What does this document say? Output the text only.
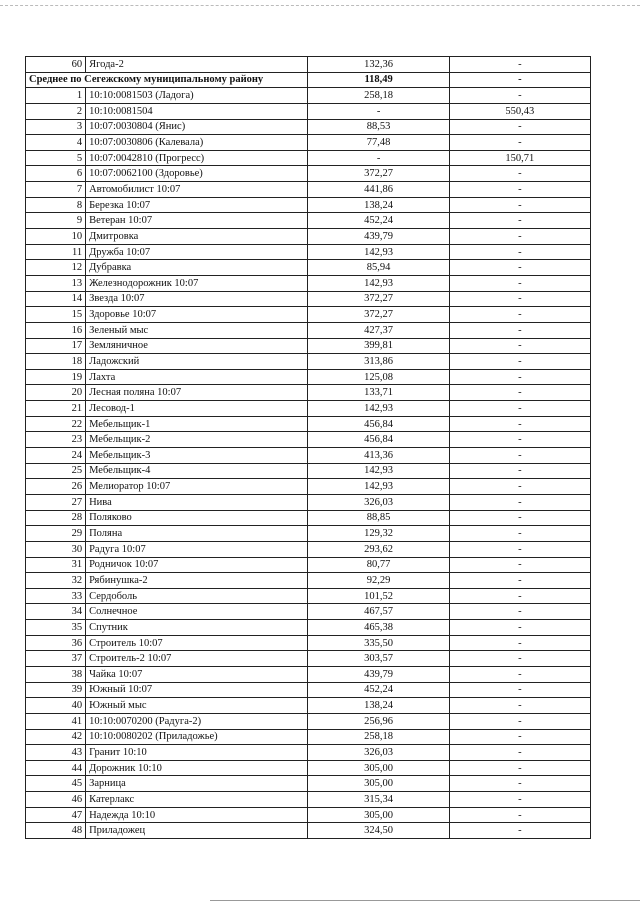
60	Ягода-2	132,36	-
Среднее по Сегежскому муниципальному району		118,49	-
1	10:10:0081503 (Ладога)	258,18	-
2	10:10:0081504	-	550,43
3	10:07:0030804 (Янис)	88,53	-
4	10:07:0030806 (Калевала)	77,48	-
5	10:07:0042810 (Прогресс)	-	150,71
6	10:07:0062100 (Здоровье)	372,27	-
7	Автомобилист 10:07	441,86	-
8	Березка 10:07	138,24	-
9	Ветеран 10:07	452,24	-
10	Дмитровка	439,79	-
11	Дружба 10:07	142,93	-
12	Дубравка	85,94	-
13	Железнодорожник 10:07	142,93	-
14	Звезда 10:07	372,27	-
15	Здоровье 10:07	372,27	-
16	Зеленый мыс	427,37	-
17	Земляничное	399,81	-
18	Ладожский	313,86	-
19	Лахта	125,08	-
20	Лесная поляна 10:07	133,71	-
21	Лесовод-1	142,93	-
22	Мебельщик-1	456,84	-
23	Мебельщик-2	456,84	-
24	Мебельщик-3	413,36	-
25	Мебельщик-4	142,93	-
26	Мелиоратор 10:07	142,93	-
27	Нива	326,03	-
28	Поляково	88,85	-
29	Поляна	129,32	-
30	Радуга 10:07	293,62	-
31	Родничок 10:07	80,77	-
32	Рябинушка-2	92,29	-
33	Сердоболь	101,52	-
34	Солнечное	467,57	-
35	Спутник	465,38	-
36	Строитель 10:07	335,50	-
37	Строитель-2 10:07	303,57	-
38	Чайка 10:07	439,79	-
39	Южный 10:07	452,24	-
40	Южный мыс	138,24	-
41	10:10:0070200 (Радуга-2)	256,96	-
42	10:10:0080202 (Приладожье)	258,18	-
43	Гранит 10:10	326,03	-
44	Дорожник 10:10	305,00	-
45	Зарница	305,00	-
46	Катерлакс	315,34	-
47	Надежда 10:10	305,00	-
48	Приладожец	324,50	-
